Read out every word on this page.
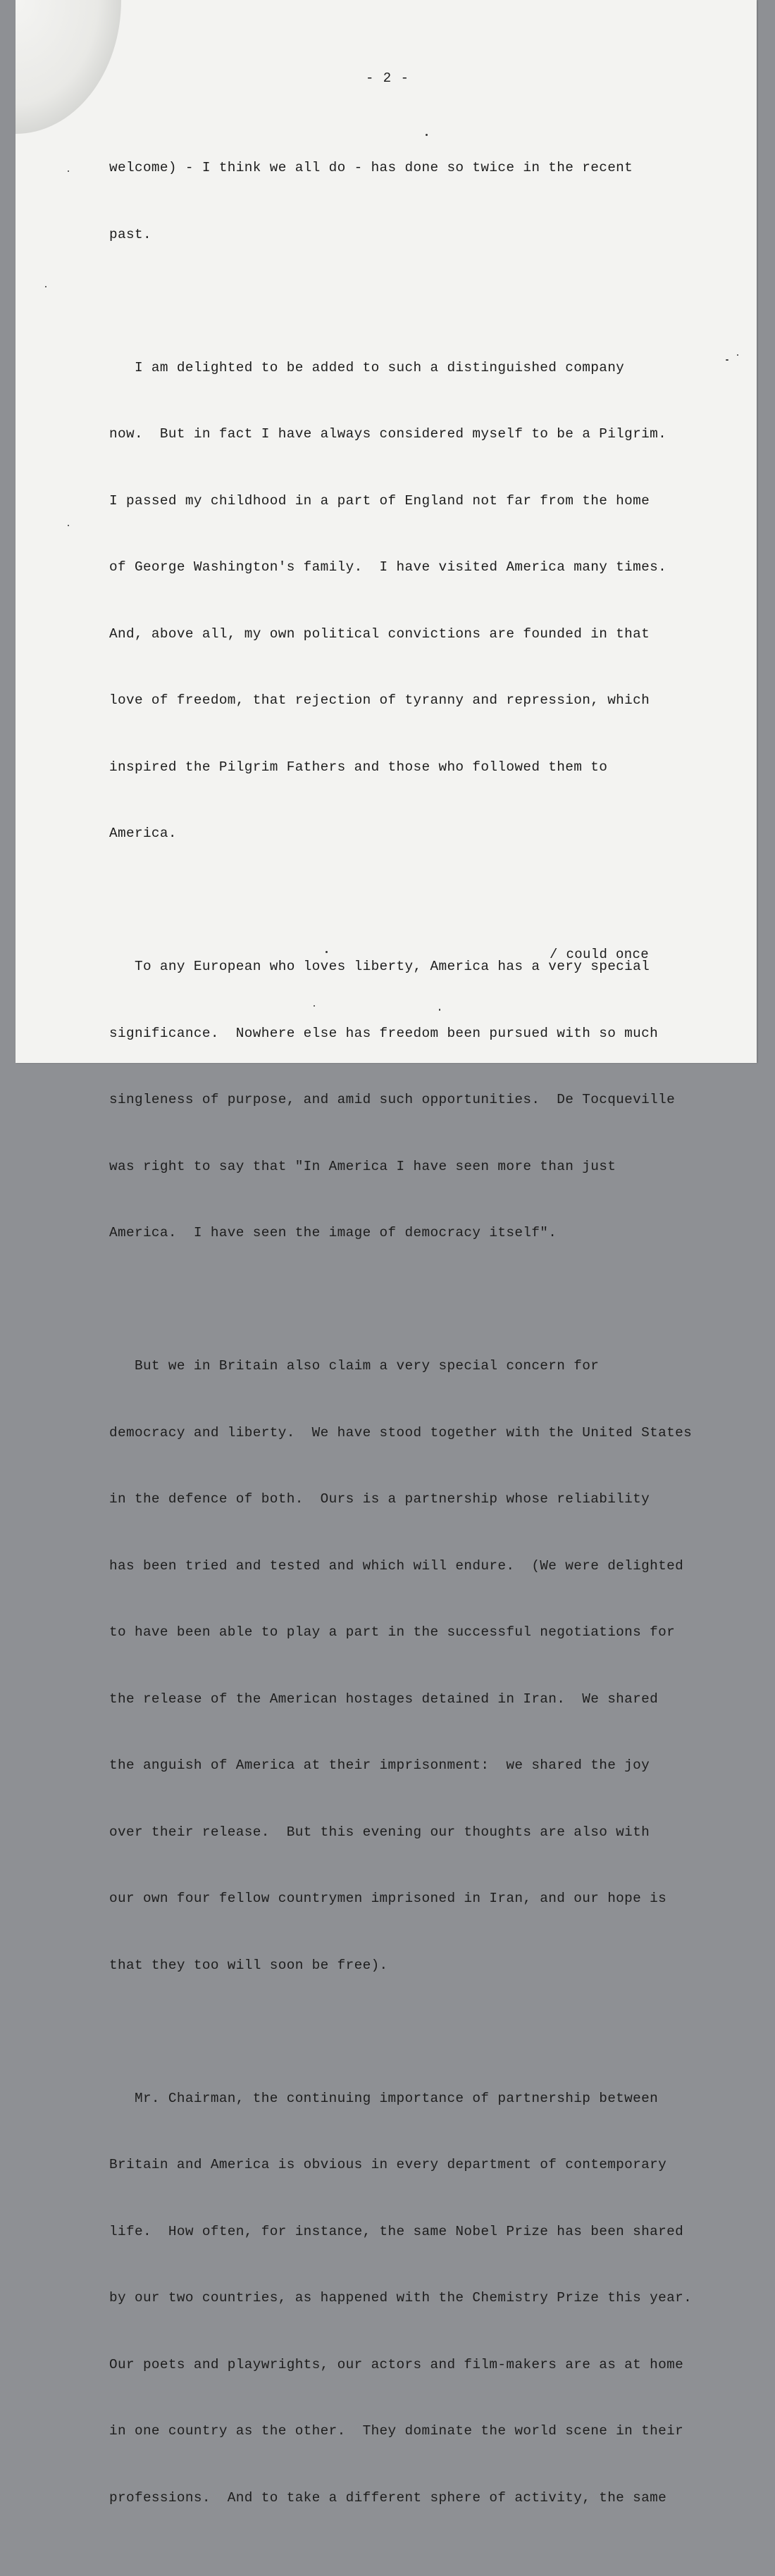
- 2 -

welcome) - I think we all do - has done so twice in the recent

past.

I am delighted to be added to such a distinguished company

now.  But in fact I have always considered myself to be a Pilgrim.

I passed my childhood in a part of England not far from the home

of George Washington's family.  I have visited America many times.

And, above all, my own political convictions are founded in that

love of freedom, that rejection of tyranny and repression, which

inspired the Pilgrim Fathers and those who followed them to

America.

To any European who loves liberty, America has a very special

significance.  Nowhere else has freedom been pursued with so much

singleness of purpose, and amid such opportunities.  De Tocqueville

was right to say that "In America I have seen more than just

America.  I have seen the image of democracy itself".

But we in Britain also claim a very special concern for

democracy and liberty.  We have stood together with the United States

in the defence of both.  Ours is a partnership whose reliability

has been tried and tested and which will endure.  (We were delighted

to have been able to play a part in the successful negotiations for

the release of the American hostages detained in Iran.  We shared

the anguish of America at their imprisonment:  we shared the joy

over their release.  But this evening our thoughts are also with

our own four fellow countrymen imprisoned in Iran, and our hope is

that they too will soon be free).

Mr. Chairman, the continuing importance of partnership between

Britain and America is obvious in every department of contemporary

life.  How often, for instance, the same Nobel Prize has been shared

by our two countries, as happened with the Chemistry Prize this year.

Our poets and playwrights, our actors and film-makers are as at home

in one country as the other.  They dominate the world scene in their

professions.  And to take a different sphere of activity, the same

/ could once
